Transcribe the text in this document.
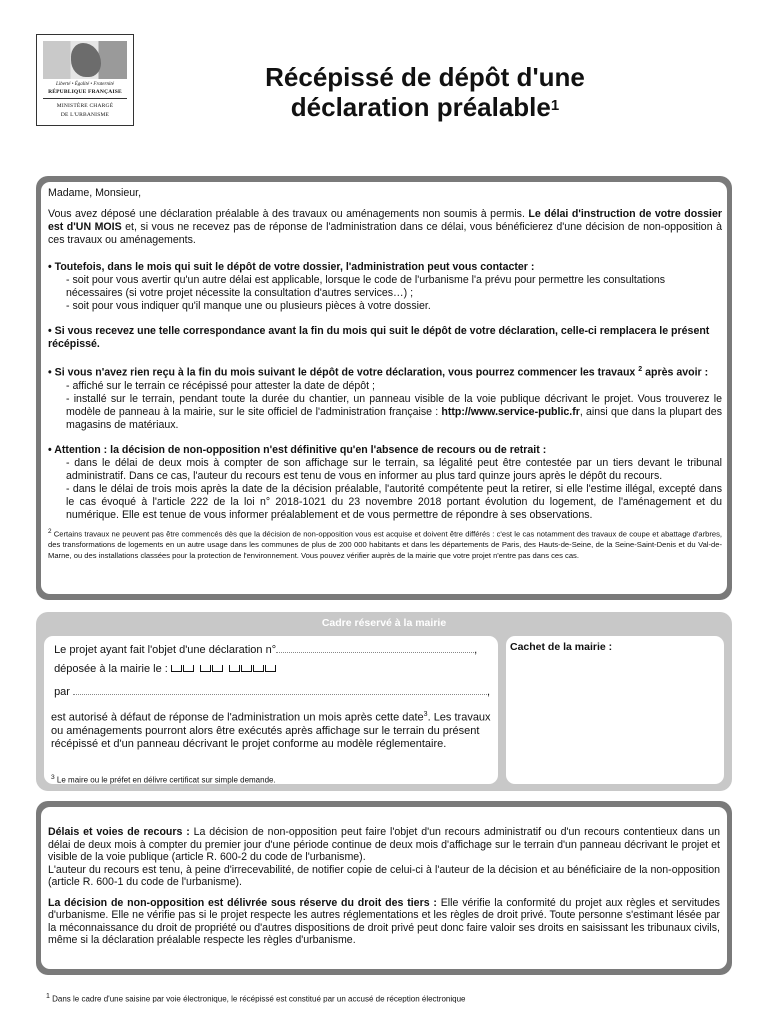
Liberté • Égalité • Fraternité
RÉPUBLIQUE FRANÇAISE
MINISTÈRE CHARGÉ
DE L'URBANISME
Récépissé de dépôt d'une
déclaration préalable$^1$

Madame, Monsieur,

Vous avez déposé une déclaration préalable à des travaux ou aménagements non soumis à permis. Le délai d'instruction de votre dossier est d'UN MOIS et, si vous ne recevez pas de réponse de l'administration dans ce délai, vous bénéficierez d'une décision de non-opposition à ces travaux ou aménagements.

• Toutefois, dans le mois qui suit le dépôt de votre dossier, l'administration peut vous contacter :

- soit pour vous avertir qu'un autre délai est applicable, lorsque le code de l'urbanisme l'a prévu pour permettre les consultations nécessaires (si votre projet nécessite la consultation d'autres services…) ;

- soit pour vous indiquer qu'il manque une ou plusieurs pièces à votre dossier.

• Si vous recevez une telle correspondance avant la fin du mois qui suit le dépôt de votre déclaration, celle-ci remplacera le présent récépissé.

• Si vous n'avez rien reçu à la fin du mois suivant le dépôt de votre déclaration, vous pourrez commencer les travaux $^2$ après avoir :

- affiché sur le terrain ce récépissé pour attester la date de dépôt ;

- installé sur le terrain, pendant toute la durée du chantier, un panneau visible de la voie publique décrivant le projet. Vous trouverez le modèle de panneau à la mairie, sur le site officiel de l'administration française : http://www.service-public.fr, ainsi que dans la plupart des magasins de matériaux.

• Attention : la décision de non-opposition n'est définitive qu'en l'absence de recours ou de retrait :

- dans le délai de deux mois à compter de son affichage sur le terrain, sa légalité peut être contestée par un tiers devant le tribunal administratif. Dans ce cas, l'auteur du recours est tenu de vous en informer au plus tard quinze jours après le dépôt du recours.

- dans le délai de trois mois après la date de la décision préalable, l'autorité compétente peut la retirer, si elle l'estime illégal, excepté dans le cas évoqué à l'article 222 de la loi n° 2018-1021 du 23 novembre 2018 portant évolution du logement, de l'aménagement et du numérique. Elle est tenue de vous informer préalablement et de vous permettre de répondre à ses observations.

$^2$ Certains travaux ne peuvent pas être commencés dès que la décision de non-opposition vous est acquise et doivent être différés : c'est le cas notamment des travaux de coupe et abattage d'arbres, des transformations de logements en un autre usage dans les communes de plus de 200 000 habitants et dans les départements de Paris, des Hauts-de-Seine, de la Seine-Saint-Denis et du Val-de-Marne, ou des installations classées pour la protection de l'environnement. Vous pouvez vérifier auprès de la mairie que votre projet n'entre pas dans ces cas.

Cadre réservé à la mairie
Le projet ayant fait l'objet d'une déclaration n°	,
déposée à la mairie le :
par	,
est autorisé à défaut de réponse de l'administration un mois après cette date$^3$. Les travaux ou aménagements pourront alors être exécutés après affichage sur le terrain du présent récépissé et d'un panneau décrivant le projet conforme au modèle réglementaire.
$^3$ Le maire ou le préfet en délivre certificat sur simple demande.
Cachet de la mairie :

Délais et voies de recours : La décision de non-opposition peut faire l'objet d'un recours administratif ou d'un recours contentieux dans un délai de deux mois à compter du premier jour d'une période continue de deux mois d'affichage sur le terrain d'un panneau décrivant le projet et visible de la voie publique (article R. 600-2 du code de l'urbanisme).

L'auteur du recours est tenu, à peine d'irrecevabilité, de notifier copie de celui-ci à l'auteur de la décision et au bénéficiaire de la non-opposition (article R. 600-1 du code de l'urbanisme).

La décision de non-opposition est délivrée sous réserve du droit des tiers : Elle vérifie la conformité du projet aux règles et servitudes d'urbanisme. Elle ne vérifie pas si le projet respecte les autres réglementations et les règles de droit privé. Toute personne s'estimant lésée par la méconnaissance du droit de propriété ou d'autres dispositions de droit privé peut donc faire valoir ses droits en saisissant les tribunaux civils, même si la déclaration préalable respecte les règles d'urbanisme.

$^1$ Dans le cadre d'une saisine par voie électronique, le récépissé est constitué par un accusé de réception électronique
